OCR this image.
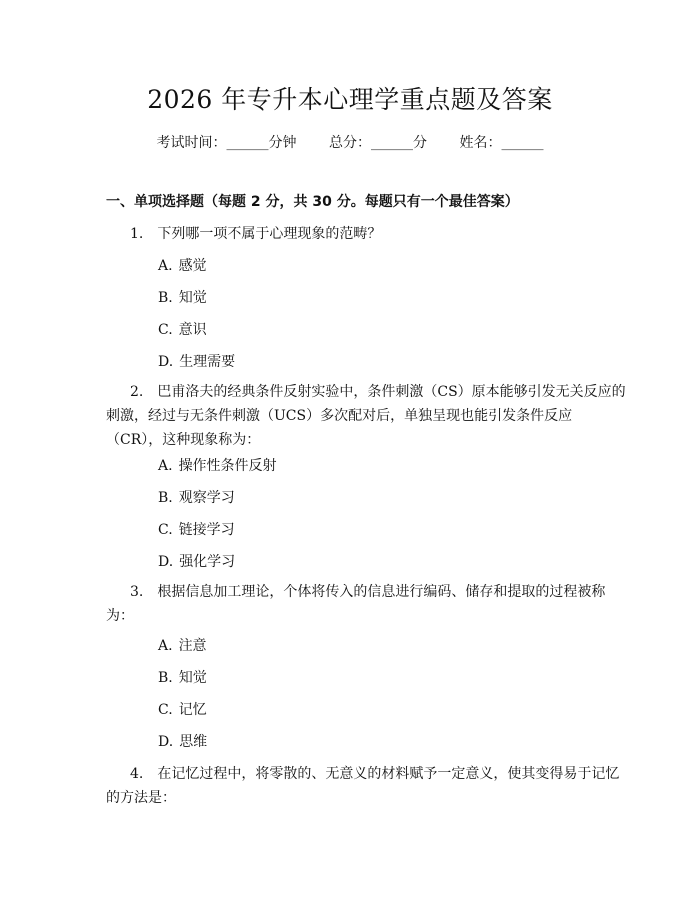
2026 年专升本心理学重点题及答案
考试时间：______分钟 总分：______分 姓名：______
一、单项选择题（每题 2 分，共 30 分。每题只有一个最佳答案）
1. 下列哪一项不属于心理现象的范畴？
A. 感觉
B. 知觉
C. 意识
D. 生理需要
2. 巴甫洛夫的经典条件反射实验中，条件刺激（CS）原本能够引发无关反应的刺激，经过与无条件刺激（UCS）多次配对后，单独呈现也能引发条件反应（CR），这种现象称为：
A. 操作性条件反射
B. 观察学习
C. 链接学习
D. 强化学习
3. 根据信息加工理论，个体将传入的信息进行编码、储存和提取的过程被称为：
A. 注意
B. 知觉
C. 记忆
D. 思维
4. 在记忆过程中，将零散的、无意义的材料赋予一定意义，使其变得易于记忆的方法是：
